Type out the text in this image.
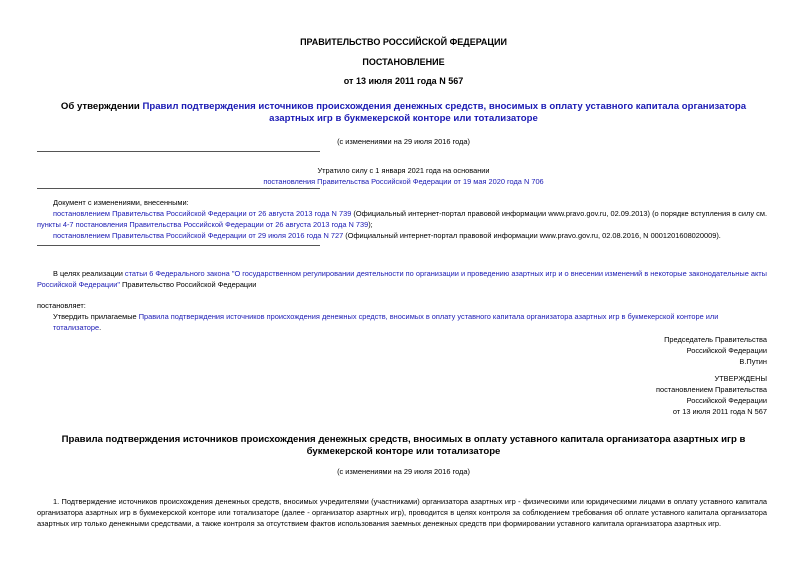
ПРАВИТЕЛЬСТВО РОССИЙСКОЙ ФЕДЕРАЦИИ
ПОСТАНОВЛЕНИЕ
от 13 июля 2011 года N 567
Об утверждении Правил подтверждения источников происхождения денежных средств, вносимых в оплату уставного капитала организатора азартных игр в букмекерской конторе или тотализаторе
(с изменениями на 29 июля 2016 года)
Утратило силу с 1 января 2021 года на основании
постановления Правительства Российской Федерации от 19 мая 2020 года N 706
Документ с изменениями, внесенными:
постановлением Правительства Российской Федерации от 26 августа 2013 года N 739 (Официальный интернет-портал правовой информации www.pravo.gov.ru, 02.09.2013) (о порядке вступления в силу см. пункты 4-7 постановления Правительства Российской Федерации от 26 августа 2013 года N 739);
постановлением Правительства Российской Федерации от 29 июля 2016 года N 727 (Официальный интернет-портал правовой информации www.pravo.gov.ru, 02.08.2016, N 0001201608020009).
В целях реализации статьи 6 Федерального закона "О государственном регулировании деятельности по организации и проведению азартных игр и о внесении изменений в некоторые законодательные акты Российской Федерации" Правительство Российской Федерации
постановляет:
Утвердить прилагаемые Правила подтверждения источников происхождения денежных средств, вносимых в оплату уставного капитала организатора азартных игр в букмекерской конторе или тотализаторе.
Председатель Правительства
Российской Федерации
В.Путин
УТВЕРЖДЕНЫ
постановлением Правительства
Российской Федерации
от 13 июля 2011 года N 567
Правила подтверждения источников происхождения денежных средств, вносимых в оплату уставного капитала организатора азартных игр в букмекерской конторе или тотализаторе
(с изменениями на 29 июля 2016 года)
1. Подтверждение источников происхождения денежных средств, вносимых учредителями (участниками) организатора азартных игр - физическими или юридическими лицами в оплату уставного капитала организатора азартных игр в букмекерской конторе или тотализаторе (далее - организатор азартных игр), проводится в целях контроля за соблюдением требования об оплате уставного капитала организатора азартных игр только денежными средствами, а также контроля за отсутствием фактов использования заемных денежных средств при формировании уставного капитала организатора азартных игр.
